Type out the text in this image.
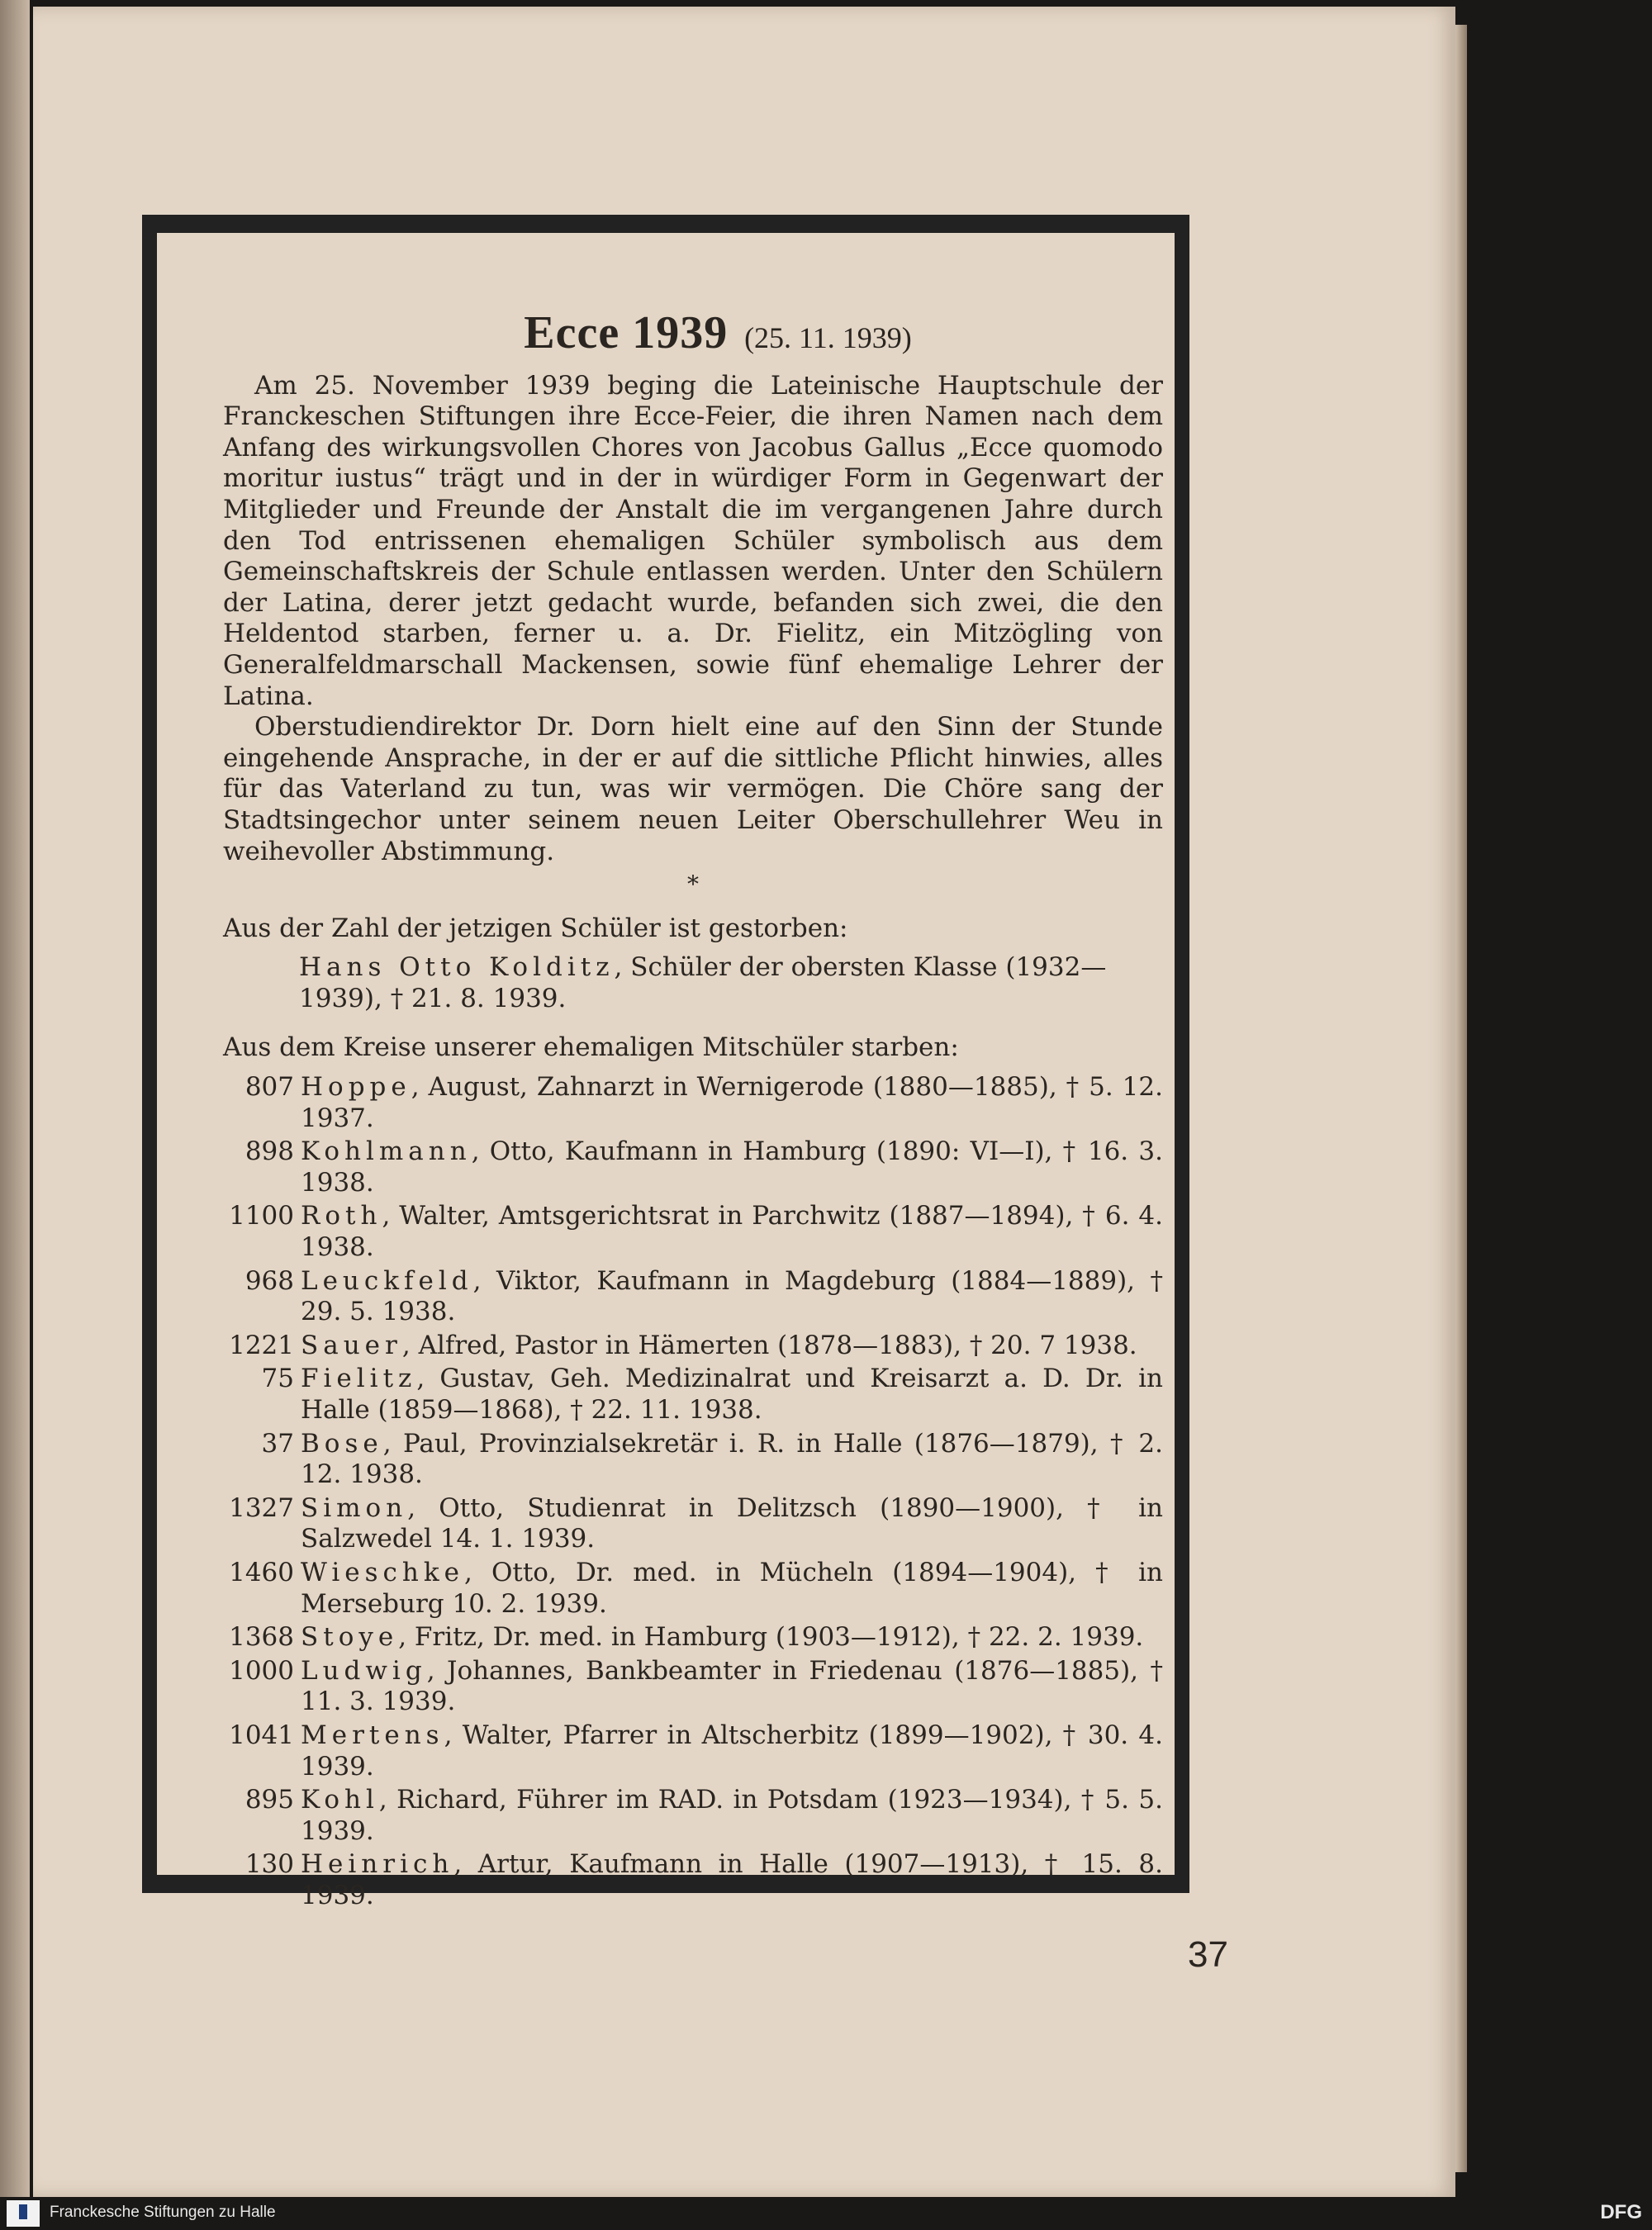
Ecce 1939 (25. 11. 1939)

Am 25. November 1939 beging die Lateinische Hauptschule der Franckeschen Stiftungen ihre Ecce-Feier, die ihren Namen nach dem Anfang des wirkungsvollen Chores von Jacobus Gallus „Ecce quomodo moritur iustus“ trägt und in der in würdiger Form in Gegenwart der Mitglieder und Freunde der Anstalt die im vergangenen Jahre durch den Tod entrissenen ehemaligen Schüler symbolisch aus dem Gemeinschaftskreis der Schule entlassen werden. Unter den Schülern der Latina, derer jetzt gedacht wurde, befanden sich zwei, die den Heldentod starben, ferner u. a. Dr. Fielitz, ein Mitzögling von Generalfeldmarschall Mackensen, sowie fünf ehemalige Lehrer der Latina.

Oberstudiendirektor Dr. Dorn hielt eine auf den Sinn der Stunde eingehende Ansprache, in der er auf die sittliche Pflicht hinwies, alles für das Vaterland zu tun, was wir vermögen. Die Chöre sang der Stadtsingechor unter seinem neuen Leiter Oberschullehrer Weu in weihevoller Abstimmung.

*
Aus der Zahl der jetzigen Schüler ist gestorben:
Hans Otto Kolditz, Schüler der obersten Klasse (1932—1939), † 21. 8. 1939.
Aus dem Kreise unserer ehemaligen Mitschüler starben:
807 Hoppe, August, Zahnarzt in Wernigerode (1880—1885), † 5. 12. 1937.
898 Kohlmann, Otto, Kaufmann in Hamburg (1890: VI—I), † 16. 3. 1938.
1100 Roth, Walter, Amtsgerichtsrat in Parchwitz (1887—1894), † 6. 4. 1938.
968 Leuckfeld, Viktor, Kaufmann in Magdeburg (1884—1889), † 29. 5. 1938.
1221 Sauer, Alfred, Pastor in Hämerten (1878—1883), † 20. 7 1938.
75 Fielitz, Gustav, Geh. Medizinalrat und Kreisarzt a. D. Dr. in Halle (1859—1868), † 22. 11. 1938.
37 Bose, Paul, Provinzialsekretär i. R. in Halle (1876—1879), † 2. 12. 1938.
1327 Simon, Otto, Studienrat in Delitzsch (1890—1900), † in Salzwedel 14. 1. 1939.
1460 Wieschke, Otto, Dr. med. in Mücheln (1894—1904), † in Merseburg 10. 2. 1939.
1368 Stoye, Fritz, Dr. med. in Hamburg (1903—1912), † 22. 2. 1939.
1000 Ludwig, Johannes, Bankbeamter in Friedenau (1876—1885), † 11. 3. 1939.
1041 Mertens, Walter, Pfarrer in Altscherbitz (1899—1902), † 30. 4. 1939.
895 Kohl, Richard, Führer im RAD. in Potsdam (1923—1934), † 5. 5. 1939.
130 Heinrich, Artur, Kaufmann in Halle (1907—1913), † 15. 8. 1939.
37
Franckesche Stiftungen zu Halle	DFG
